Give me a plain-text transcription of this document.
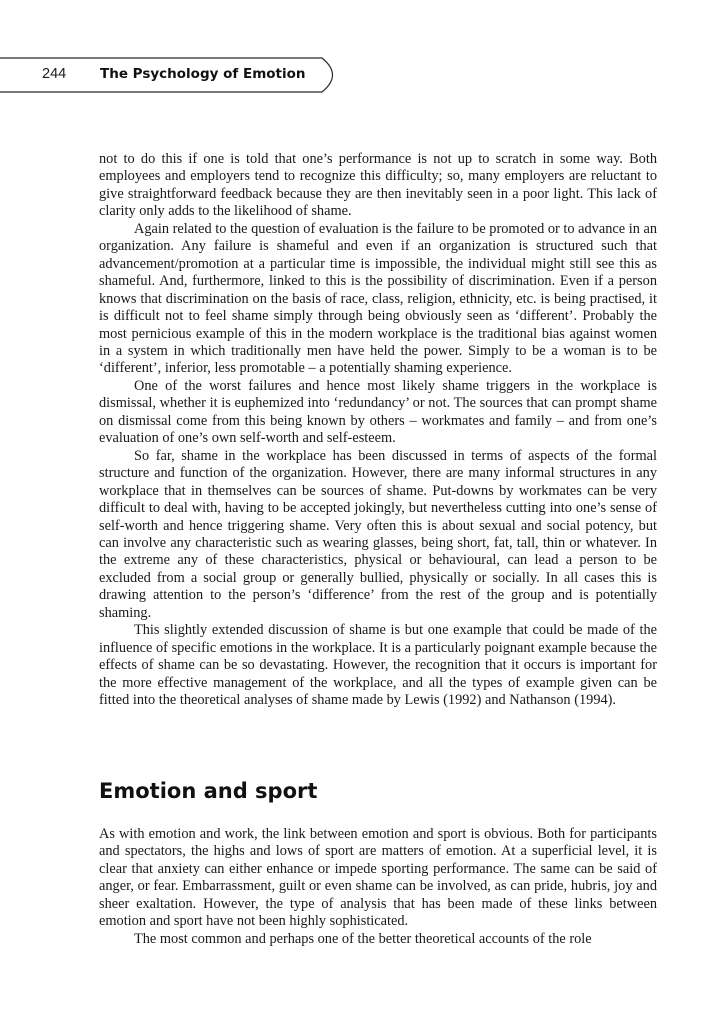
244	The Psychology of Emotion

not to do this if one is told that one’s performance is not up to scratch in some way. Both employees and employers tend to recognize this difficulty; so, many employers are reluctant to give straightforward feedback because they are then inevitably seen in a poor light. This lack of clarity only adds to the likelihood of shame.

Again related to the question of evaluation is the failure to be promoted or to advance in an organization. Any failure is shameful and even if an organization is structured such that advancement/promotion at a particular time is impossible, the individual might still see this as shameful. And, furthermore, linked to this is the possibility of discrimination. Even if a person knows that discrimination on the basis of race, class, religion, ethnicity, etc. is being practised, it is difficult not to feel shame simply through being obviously seen as ‘different’. Probably the most pernicious example of this in the modern workplace is the traditional bias against women in a system in which traditionally men have held the power. Simply to be a woman is to be ‘different’, inferior, less promotable – a potentially shaming experience.

One of the worst failures and hence most likely shame triggers in the workplace is dismissal, whether it is euphemized into ‘redundancy’ or not. The sources that can prompt shame on dismissal come from this being known by others – workmates and family – and from one’s evaluation of one’s own self-worth and self-esteem.

So far, shame in the workplace has been discussed in terms of aspects of the formal structure and function of the organization. However, there are many informal structures in any workplace that in themselves can be sources of shame. Put-downs by workmates can be very difficult to deal with, having to be accepted jokingly, but nevertheless cutting into one’s sense of self-worth and hence triggering shame. Very often this is about sexual and social potency, but can involve any characteristic such as wearing glasses, being short, fat, tall, thin or whatever. In the extreme any of these characteristics, physical or behavioural, can lead a person to be excluded from a social group or generally bullied, physically or socially. In all cases this is drawing attention to the person’s ‘difference’ from the rest of the group and is potentially shaming.

This slightly extended discussion of shame is but one example that could be made of the influence of specific emotions in the workplace. It is a particularly poignant example because the effects of shame can be so devastating. However, the recognition that it occurs is important for the more effective management of the workplace, and all the types of example given can be fitted into the theoretical analyses of shame made by Lewis (1992) and Nathanson (1994).

Emotion and sport

As with emotion and work, the link between emotion and sport is obvious. Both for participants and spectators, the highs and lows of sport are matters of emotion. At a superficial level, it is clear that anxiety can either enhance or impede sporting performance. The same can be said of anger, or fear. Embarrassment, guilt or even shame can be involved, as can pride, hubris, joy and sheer exaltation. However, the type of analysis that has been made of these links between emotion and sport have not been highly sophisticated.

The most common and perhaps one of the better theoretical accounts of the role
